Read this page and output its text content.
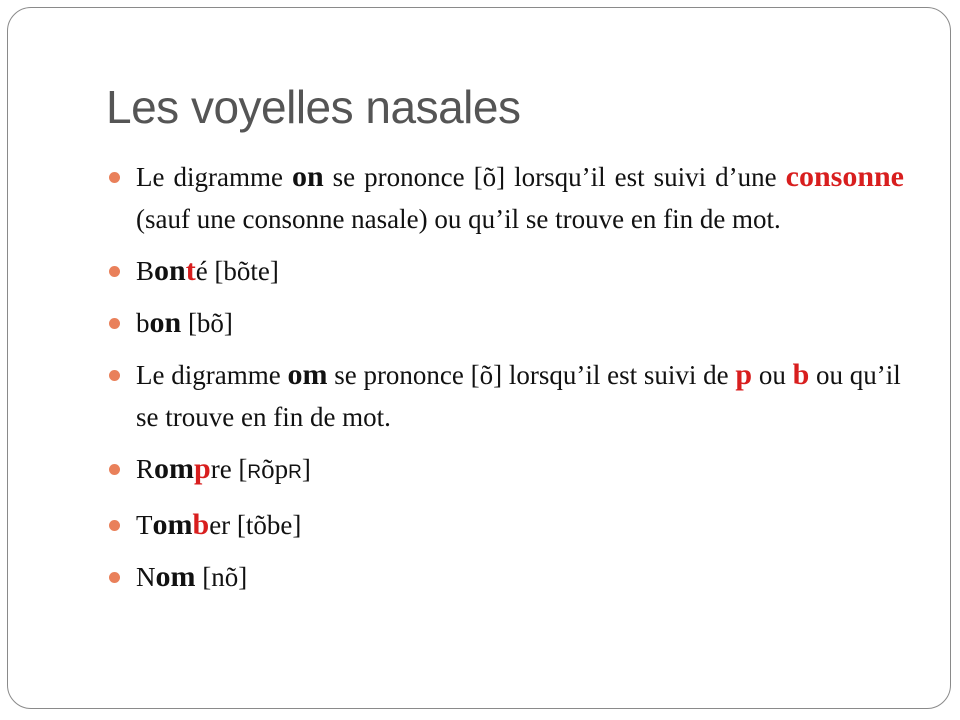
Les voyelles nasales
Le digramme on se prononce [õ] lorsqu’il est suivi d’une consonne (sauf une consonne nasale) ou qu’il se trouve en fin de mot.
Bonté [bõte]
bon [bõ]
Le digramme om se prononce [õ] lorsqu’il est suivi de p ou b ou qu’il se trouve en fin de mot.
Rompre [RõpR]
Tomber [tõbe]
Nom [nõ]
